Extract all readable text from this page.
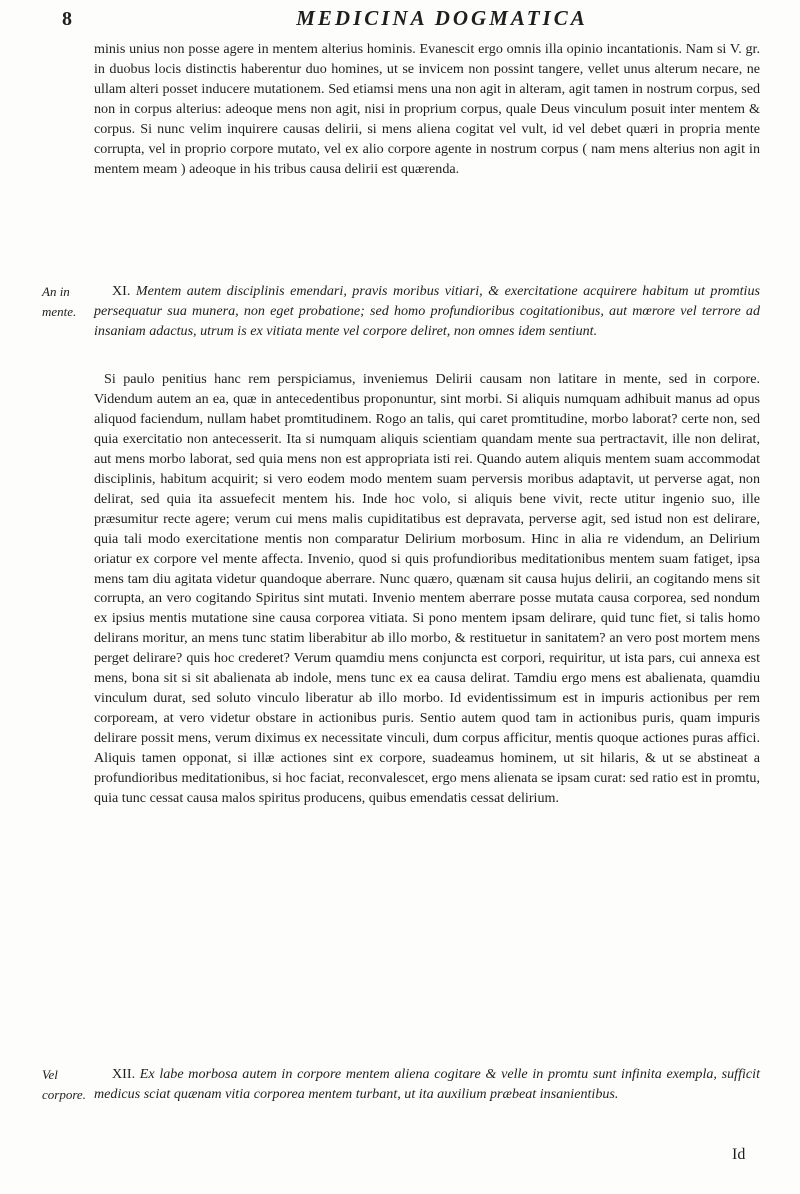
8	MEDICINA DOGMATICA

minis unius non posse agere in mentem alterius hominis. Evanescit ergo omnis illa opinio incantationis. Nam si V. gr. in duobus locis distinctis haberentur duo homines, ut se invicem non possint tangere, vellet unus alterum necare, ne ullam alteri posset inducere mutationem. Sed etiamsi mens una non agit in alteram, agit tamen in nostrum corpus, sed non in corpus alterius: adeoque mens non agit, nisi in proprium corpus, quale Deus vinculum posuit inter mentem & corpus. Si nunc velim inquirere causas delirii, si mens aliena cogitat vel vult, id vel debet quæri in propria mente corrupta, vel in proprio corpore mutato, vel ex alio corpore agente in nostrum corpus ( nam mens alterius non agit in mentem meam ) adeoque in his tribus causa delirii est quærenda.

An in mente.

XI. Mentem autem disciplinis emendari, pravis moribus vitiari, & exercitatione acquirere habitum ut promtius persequatur sua munera, non eget probatione; sed homo profundioribus cogitationibus, aut mœrore vel terrore ad insaniam adactus, utrum is ex vitiata mente vel corpore deliret, non omnes idem sentiunt.

Si paulo penitius hanc rem perspiciamus, inveniemus Delirii causam non latitare in mente, sed in corpore. Videndum autem an ea, quæ in antecedentibus proponuntur, sint morbi. Si aliquis numquam adhibuit manus ad opus aliquod faciendum, nullam habet promtitudinem. Rogo an talis, qui caret promtitudine, morbo laborat? certe non, sed quia exercitatio non antecesserit. Ita si numquam aliquis scientiam quandam mente sua pertractavit, ille non delirat, aut mens morbo laborat, sed quia mens non est appropriata isti rei. Quando autem aliquis mentem suam accommodat disciplinis, habitum acquirit; si vero eodem modo mentem suam perversis moribus adaptavit, ut perverse agat, non delirat, sed quia ita assuefecit mentem his. Inde hoc volo, si aliquis bene vivit, recte utitur ingenio suo, ille præsumitur recte agere; verum cui mens malis cupiditatibus est depravata, perverse agit, sed istud non est delirare, quia tali modo exercitatione mentis non comparatur Delirium morbosum. Hinc in alia re videndum, an Delirium oriatur ex corpore vel mente affecta. Invenio, quod si quis profundioribus meditationibus mentem suam fatiget, ipsa mens tam diu agitata videtur quandoque aberrare. Nunc quæro, quænam sit causa hujus delirii, an cogitando mens sit corrupta, an vero cogitando Spiritus sint mutati. Invenio mentem aberrare posse mutata causa corporea, sed nondum ex ipsius mentis mutatione sine causa corporea vitiata. Si pono mentem ipsam delirare, quid tunc fiet, si talis homo delirans moritur, an mens tunc statim liberabitur ab illo morbo, & restituetur in sanitatem? an vero post mortem mens perget delirare? quis hoc crederet? Verum quamdiu mens conjuncta est corpori, requiritur, ut ista pars, cui annexa est mens, bona sit si sit abalienata ab indole, mens tunc ex ea causa delirat. Tamdiu ergo mens est abalienata, quamdiu vinculum durat, sed soluto vinculo liberatur ab illo morbo. Id evidentissimum est in impuris actionibus per rem corpoream, at vero videtur obstare in actionibus puris. Sentio autem quod tam in actionibus puris, quam impuris delirare possit mens, verum diximus ex necessitate vinculi, dum corpus afficitur, mentis quoque actiones puras affici. Aliquis tamen opponat, si illæ actiones sint ex corpore, suadeamus hominem, ut sit hilaris, & ut se abstineat a profundioribus meditationibus, si hoc faciat, reconvalescet, ergo mens alienata se ipsam curat: sed ratio est in promtu, quia tunc cessat causa malos spiritus producens, quibus emendatis cessat delirium.

Vel corpore.

XII. Ex labe morbosa autem in corpore mentem aliena cogitare & velle in promtu sunt infinita exempla, sufficit medicus sciat quænam vitia corporea mentem turbant, ut ita auxilium præbeat insanientibus.

Id
